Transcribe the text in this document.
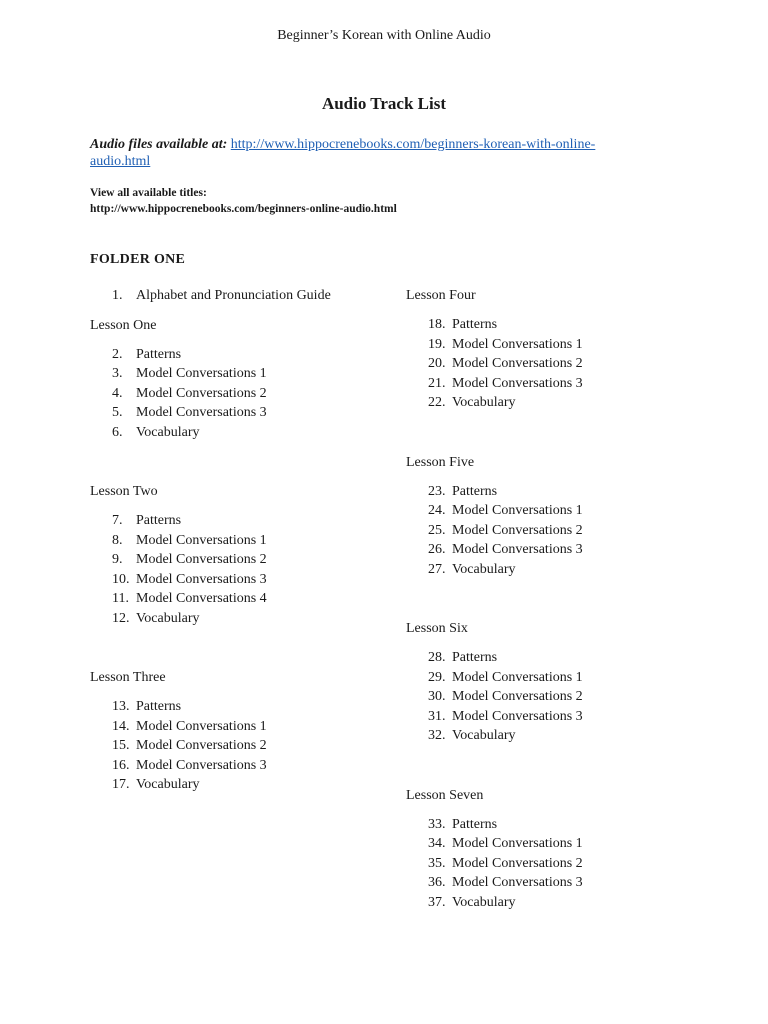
Beginner’s Korean with Online Audio
Audio Track List
Audio files available at: http://www.hippocrenebooks.com/beginners-korean-with-online-audio.html
View all available titles:
http://www.hippocrenebooks.com/beginners-online-audio.html
FOLDER ONE
1. Alphabet and Pronunciation Guide
Lesson One
2. Patterns
3. Model Conversations 1
4. Model Conversations 2
5. Model Conversations 3
6. Vocabulary
Lesson Two
7. Patterns
8. Model Conversations 1
9. Model Conversations 2
10. Model Conversations 3
11. Model Conversations 4
12. Vocabulary
Lesson Three
13. Patterns
14. Model Conversations 1
15. Model Conversations 2
16. Model Conversations 3
17. Vocabulary
Lesson Four
18. Patterns
19. Model Conversations 1
20. Model Conversations 2
21. Model Conversations 3
22. Vocabulary
Lesson Five
23. Patterns
24. Model Conversations 1
25. Model Conversations 2
26. Model Conversations 3
27. Vocabulary
Lesson Six
28. Patterns
29. Model Conversations 1
30. Model Conversations 2
31. Model Conversations 3
32. Vocabulary
Lesson Seven
33. Patterns
34. Model Conversations 1
35. Model Conversations 2
36. Model Conversations 3
37. Vocabulary
